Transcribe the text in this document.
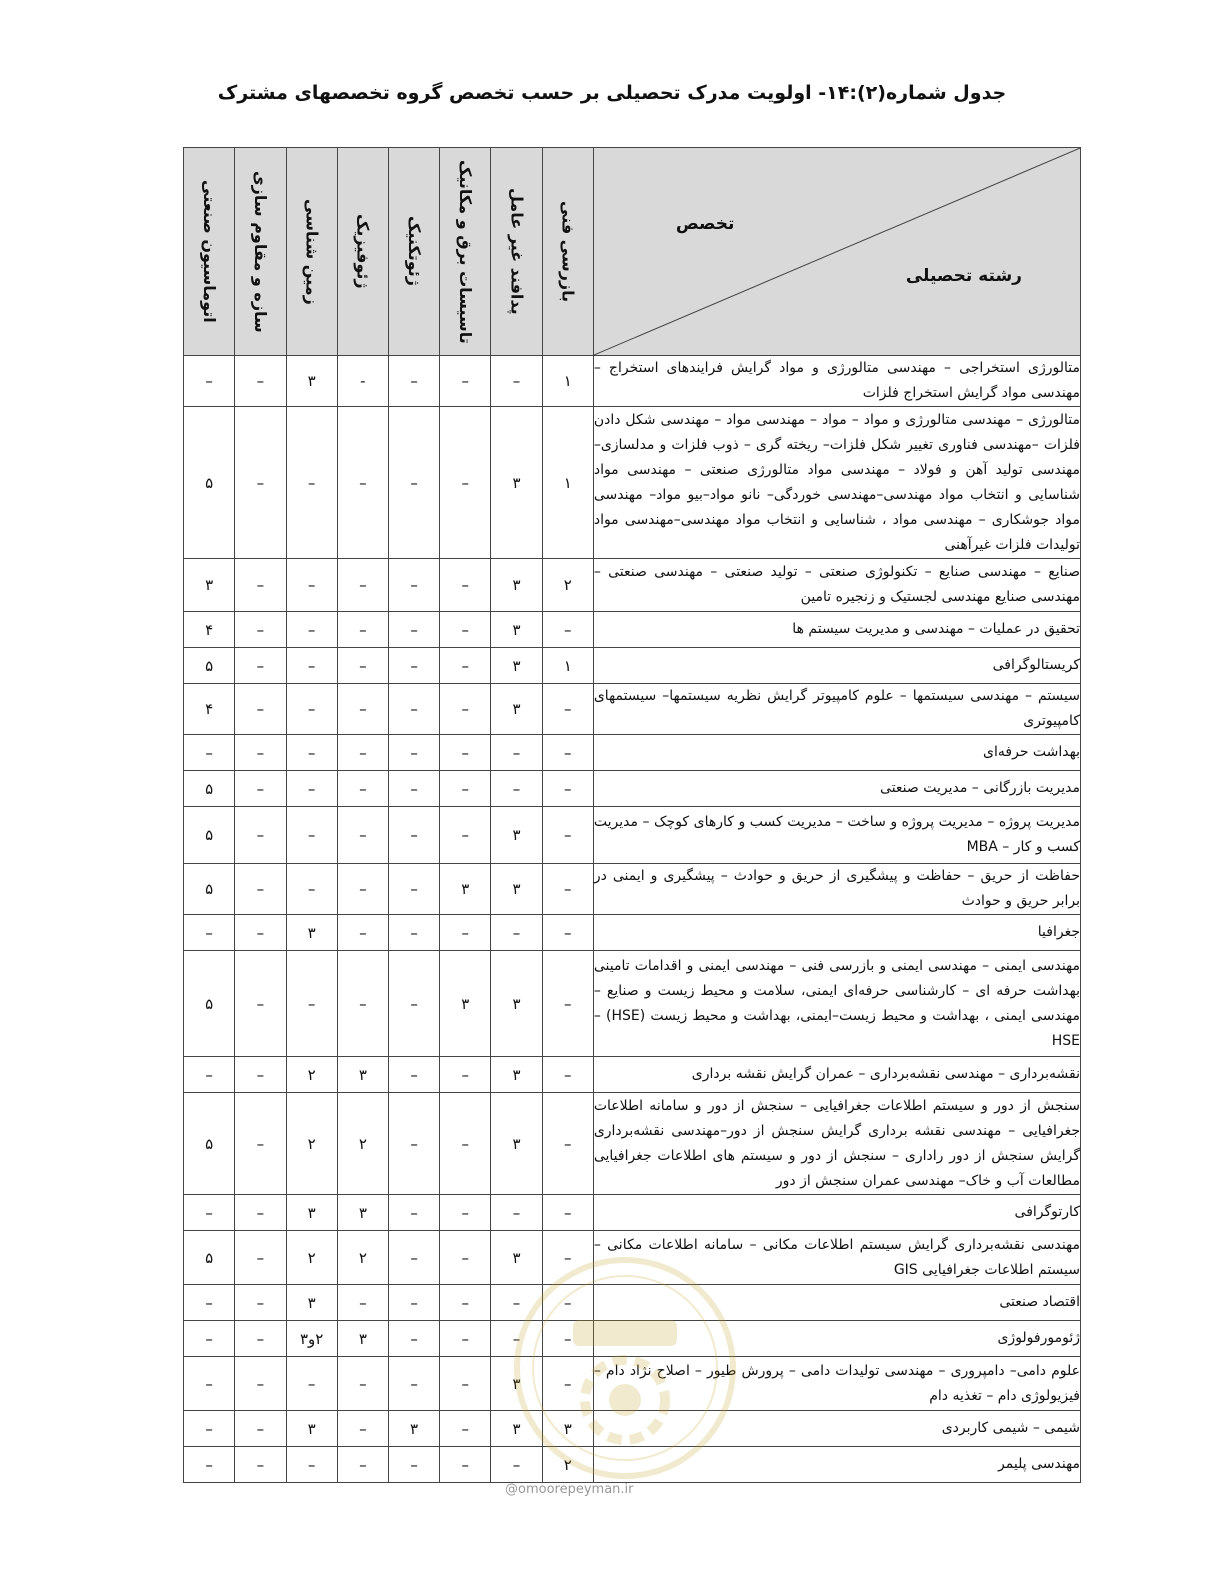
جدول شماره(۲):۱۴- اولویت مدرک تحصیلی بر حسب تخصص گروه تخصصهای مشترک
تخصص
رشته تحصیلی	بازرسی فنی	پدافند غیر عامل	تاسیسات برق و مکانیک	ژئوتکنیک	ژئوفیزیک	زمین شناسی	سازه و مقاوم سازی	اتوماسیون صنعتی

متالورژی استخراجی – مهندسی متالورژی و مواد گرایش فرایندهای استخراج – مهندسی مواد گرایش استخراج فلزات	۱	–	–	–	-	۳	–	–
متالورژی – مهندسی متالورژی و مواد – مواد – مهندسی مواد – مهندسی شکل دادن فلزات –مهندسی فناوری تغییر شکل فلزات– ریخته گری – ذوب فلزات و مدلسازی– مهندسی تولید آهن و فولاد – مهندسی مواد متالورژی صنعتی – مهندسی مواد شناسایی و انتخاب مواد مهندسی–مهندسی خوردگی– نانو مواد–بیو مواد– مهندسی مواد جوشکاری – مهندسی مواد ، شناسایی و انتخاب مواد مهندسی–مهندسی مواد تولیدات فلزات غیرآهنی	۱	۳	–	–	–	–	–	۵
صنایع – مهندسی صنایع – تکنولوژی صنعتی – تولید صنعتی – مهندسی صنعتی – مهندسی صنایع مهندسی لجستیک و زنجیره تامین	۲	۳	–	–	–	–	–	۳
تحقیق در عملیات – مهندسی و مدیریت سیستم ها	–	۳	–	–	–	–	–	۴
کریستالوگرافی	۱	۳	–	–	–	–	–	۵
سیستم – مهندسی سیستمها – علوم کامپیوتر گرایش نظریه سیستمها– سیستمهای کامپیوتری	–	۳	–	–	–	–	–	۴
بهداشت حرفه‌ای	–	–	–	–	–	–	–	–
مدیریت بازرگانی – مدیریت صنعتی	–	–	–	–	–	–	–	۵
مدیریت پروژه – مدیریت پروژه و ساخت – مدیریت کسب و کارهای کوچک – مدیریت کسب و کار – MBA	–	۳	–	–	–	–	–	۵
حفاظت از حریق – حفاظت و پیشگیری از حریق و حوادث – پیشگیری و ایمنی در برابر حریق و حوادث	–	۳	۳	–	–	–	–	۵
جغرافیا	–	–	–	–	–	۳	–	–
مهندسی ایمنی – مهندسی ایمنی و بازرسی فنی – مهندسی ایمنی و اقدامات تامینی بهداشت حرفه ای – کارشناسی حرفه‌ای ایمنی، سلامت و محیط زیست و صنایع – مهندسی ایمنی ، بهداشت و محیط زیست–ایمنی، بهداشت و محیط زیست (HSE) – HSE	–	۳	۳	–	–	–	–	۵
نقشه‌برداری – مهندسی نقشه‌برداری – عمران گرایش نقشه برداری	–	۳	–	–	۳	۲	–	–
سنجش از دور و سیستم اطلاعات جغرافیایی – سنجش از دور و سامانه اطلاعات جغرافیایی – مهندسی نقشه برداری گرایش سنجش از دور–مهندسی نقشه‌برداری گرایش سنجش از دور راداری – سنجش از دور و سیستم های اطلاعات جغرافیایی مطالعات آب و خاک– مهندسی عمران سنجش از دور	–	۳	–	–	۲	۲	–	۵
کارتوگرافی	–	–	–	–	۳	۳	–	–
مهندسی نقشه‌برداری گرایش سیستم اطلاعات مکانی – سامانه اطلاعات مکانی – سیستم اطلاعات جغرافیایی GIS	–	۳	–	–	۲	۲	–	۵
اقتصاد صنعتی	–	–	–	–	–	۳	–	–
ژئومورفولوژی	–	–	–	–	۳	۲و۳	–	–
علوم دامی– دامپروری – مهندسی تولیدات دامی – پرورش طیور – اصلاح نژاد دام – فیزیولوژی دام – تغذیه دام	–	۳	–	–	–	–	–	–
شیمی – شیمی کاربردی	۳	۳	–	۳	–	۳	–	–
مهندسی پلیمر	۲	–	–	–	–	–	–	–
@omoorepeyman.ir
